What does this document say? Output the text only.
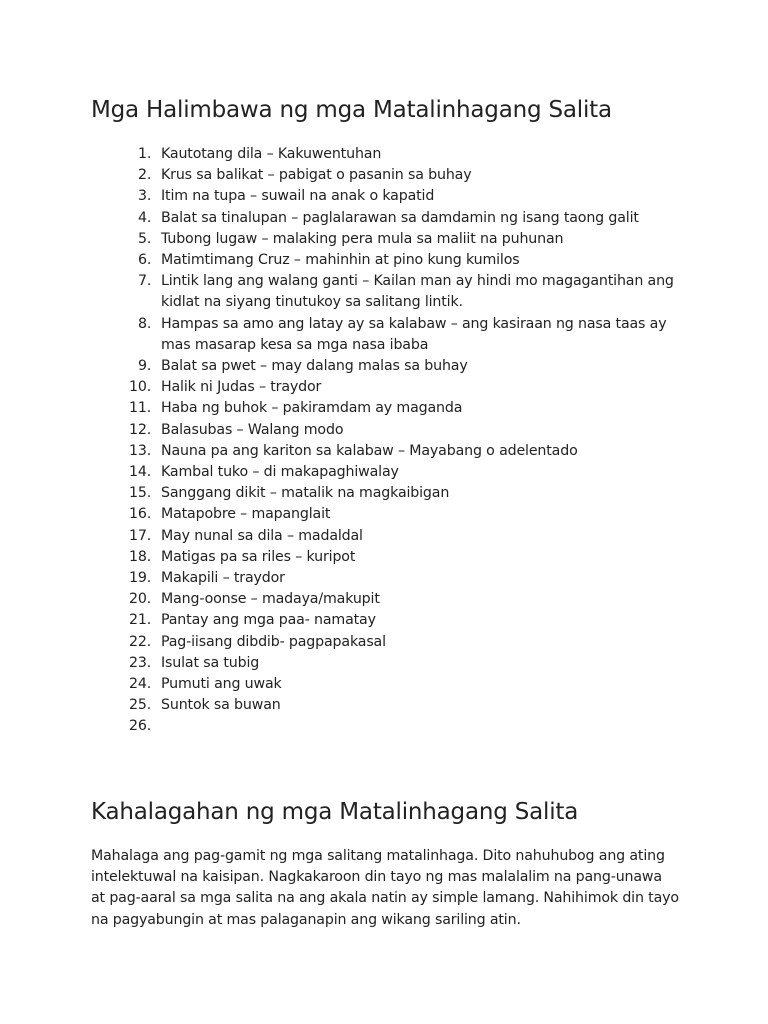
Mga Halimbawa ng mga Matalinhagang Salita
1. Kautotang dila – Kakuwentuhan
2. Krus sa balikat – pabigat o pasanin sa buhay
3. Itim na tupa – suwail na anak o kapatid
4. Balat sa tinalupan – paglalarawan sa damdamin ng isang taong galit
5. Tubong lugaw – malaking pera mula sa maliit na puhunan
6. Matimtimang Cruz – mahinhin at pino kung kumilos
7. Lintik lang ang walang ganti – Kailan man ay hindi mo magagantihan ang kidlat na siyang tinutukoy sa salitang lintik.
8. Hampas sa amo ang latay ay sa kalabaw – ang kasiraan ng nasa taas ay mas masarap kesa sa mga nasa ibaba
9. Balat sa pwet – may dalang malas sa buhay
10. Halik ni Judas – traydor
11. Haba ng buhok – pakiramdam ay maganda
12. Balasubas – Walang modo
13. Nauna pa ang kariton sa kalabaw – Mayabang o adelentado
14. Kambal tuko – di makapaghiwalay
15. Sanggang dikit – matalik na magkaibigan
16. Matapobre – mapanglait
17. May nunal sa dila – madaldal
18. Matigas pa sa riles – kuripot
19. Makapili – traydor
20. Mang-oonse – madaya/makupit
21. Pantay ang mga paa- namatay
22. Pag-iisang dibdib- pagpapakasal
23. Isulat sa tubig
24. Pumuti ang uwak
25. Suntok sa buwan
26.

Kahalagahan ng mga Matalinhagang Salita

Mahalaga ang pag-gamit ng mga salitang matalinhaga. Dito nahuhubog ang ating
intelektuwal na kaisipan. Nagkakaroon din tayo ng mas malalalim na pang-unawa
at pag-aaral sa mga salita na ang akala natin ay simple lamang. Nahihimok din tayo
na pagyabungin at mas palaganapin ang wikang sariling atin.
